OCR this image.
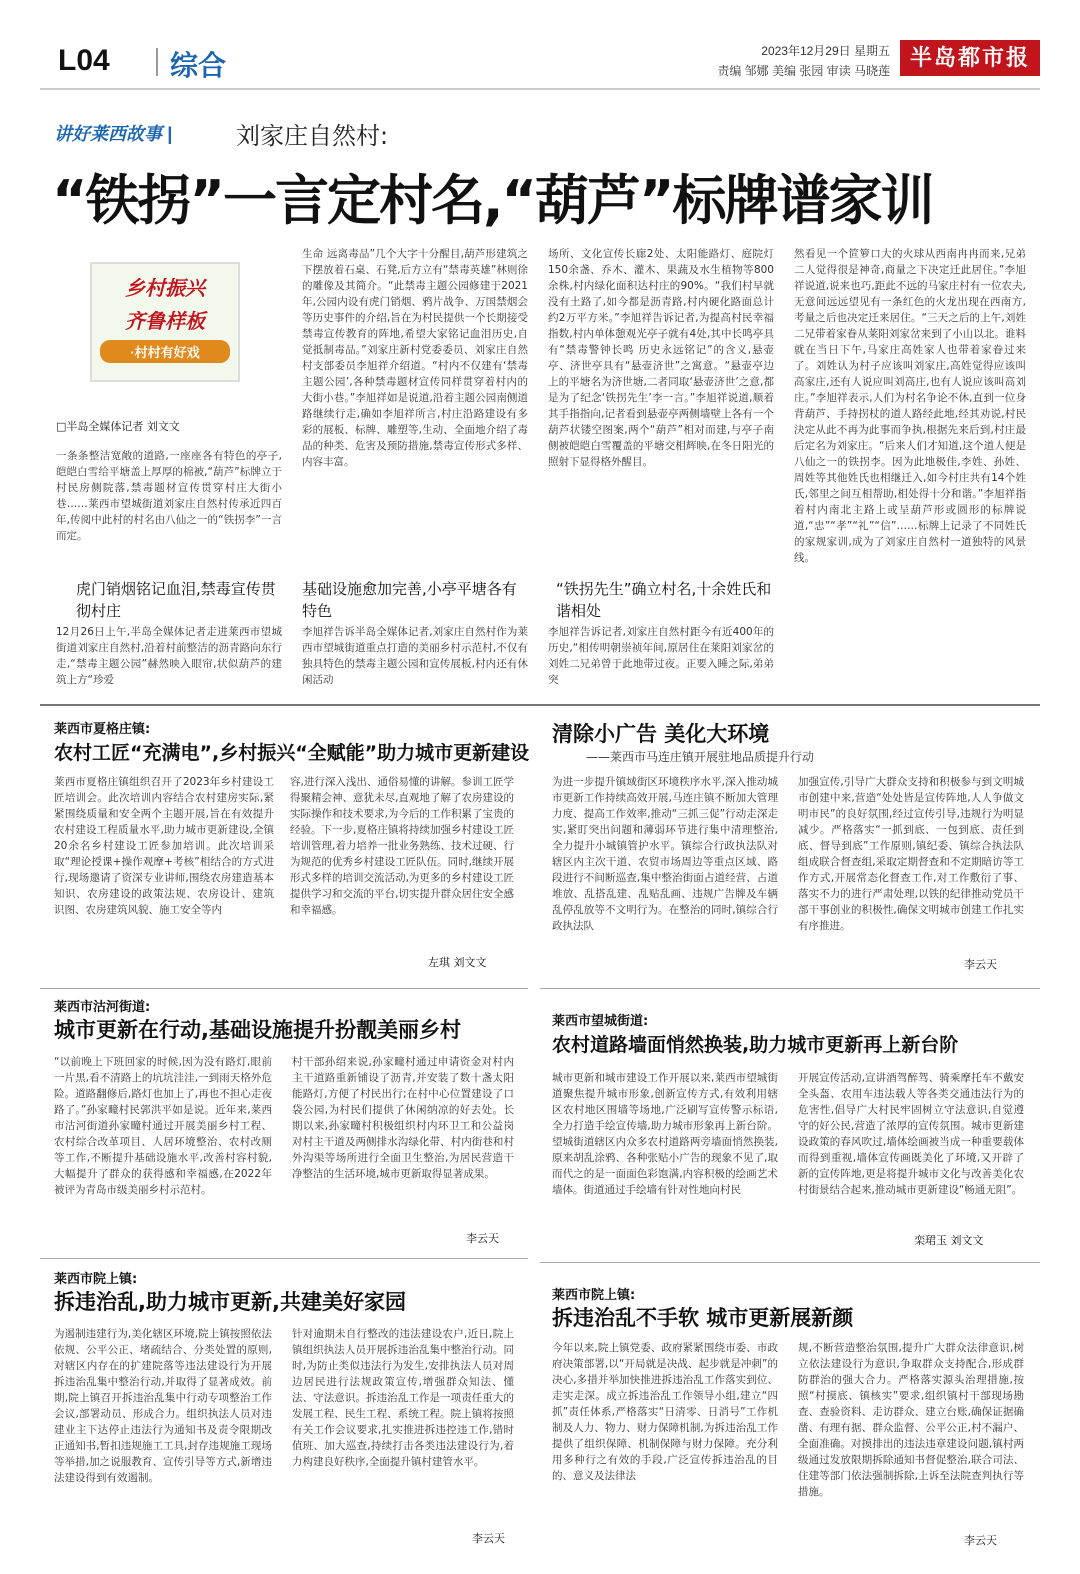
L04 综合	2023年12月29日 星期五
责编 邹娜 美编 张园 审读 马晓莲 半岛都市报
讲好莱西故事 |	刘家庄自然村:
“铁拐”一言定村名,“葫芦”标牌谱家训
乡村振兴
齐鲁样板
·村村有好戏
□半岛全媒体记者 刘文文
一条条整洁宽敞的道路,一座座各有特色的亭子,皑皑白雪给平塘盖上厚厚的棉被,“葫芦”标牌立于村民房侧院落,禁毒题材宣传贯穿村庄大街小巷……莱西市望城街道刘家庄自然村传承近四百年,传阅中此村的村名由八仙之一的“铁拐李”一言而定。
虎门销烟铭记血泪,禁毒宣传贯彻村庄
12月26日上午,半岛全媒体记者走进莱西市望城街道刘家庄自然村,沿着村前整洁的沥青路向东行走,“禁毒主题公园”赫然映入眼帘,状似葫芦的建筑上方“珍爱
生命 远离毒品”几个大字十分醒目,葫芦形建筑之下摆放着石桌、石凳,后方立有“禁毒英雄”林则徐的雕像及其简介。“此禁毒主题公园修建于2021年,公园内设有虎门销烟、鸦片战争、万国禁烟会等历史事件的介绍,旨在为村民提供一个长期接受禁毒宣传教育的阵地,希望大家铭记血泪历史,自觉抵制毒品。”刘家庄新村党委委员、刘家庄自然村支部委员李旭祥介绍道。“村内不仅建有‘禁毒主题公园’,各种禁毒题材宣传同样贯穿着村内的大街小巷。”李旭祥如是说道,沿着主题公园南侧道路继续行走,确如李旭祥所言,村庄沿路建设有多彩的展板、标牌、雕塑等,生动、全面地介绍了毒品的种类、危害及预防措施,禁毒宣传形式多样、内容丰富。
基础设施愈加完善,小亭平塘各有特色
李旭祥告诉半岛全媒体记者,刘家庄自然村作为莱西市望城街道重点打造的美丽乡村示范村,不仅有独具特色的禁毒主题公园和宣传展板,村内还有休闲活动
场所、文化宣传长廊2处、太阳能路灯、庭院灯150余盏、乔木、灌木、果蔬及水生植物等800余株,村内绿化面积达村庄的90%。“我们村早就没有土路了,如今都是沥青路,村内硬化路面总计约2万平方米。”李旭祥告诉记者,为提高村民幸福指数,村内单体憩观光亭子就有4处,其中长鸣亭具有“禁毒警钟长鸣 历史永远铭记”的含义,悬壶亭、济世亭具有“悬壶济世”之寓意。“悬壶亭边上的平塘名为济世塘,二者同取‘悬壶济世’之意,都是为了纪念‘铁拐先生’李一言。”李旭祥说道,顺着其手指指向,记者看到悬壶亭两侧墙壁上各有一个葫芦状镂空图案,两个“葫芦”相对而建,与亭子南侧被皑皑白雪覆盖的平塘交相辉映,在冬日阳光的照射下显得格外醒目。
“铁拐先生”确立村名,十余姓氏和谐相处
李旭祥告诉记者,刘家庄自然村距今有近400年的历史,“相传明朝崇祯年间,原居住在莱阳刘家岔的刘姓二兄弟曾于此地带过夜。正要入睡之际,弟弟突
然看见一个笸箩口大的火球从西南冉冉而来,兄弟二人觉得很是神奇,商量之下决定迁此居住。”李旭祥说道,说来也巧,距此不远的马家庄村有一位农夫,无意间远远望见有一条红色的火龙出现在西南方,考量之后也决定迁来居住。“三天之后的上午,刘姓二兄带着家眷从莱阳刘家岔来到了小山以北。谁料就在当日下午,马家庄高姓家人也带着家眷过来了。刘姓认为村子应该叫刘家庄,高姓觉得应该叫高家庄,还有人说应叫刘高庄,也有人说应该叫高刘庄。”李旭祥表示,人们为村名争论不休,直到一位身背葫芦、手持拐杖的道人路经此地,经其劝说,村民決定从此不再为此事而争执,根据先来后到,村庄最后定名为刘家庄。“后来人们才知道,这个道人便是八仙之一的铁拐李。因为此地极佳,李姓、孙姓、周姓等其他姓氏也相继迁入,如今村庄共有14个姓氏,邻里之间互相帮助,相处得十分和谐。”李旭祥指着村内南北主路上或呈葫芦形或圆形的标牌说道,“忠”“孝”“礼”“信”……标牌上记录了不同姓氏的家规家训,成为了刘家庄自然村一道独特的风景线。
莱西市夏格庄镇:
农村工匠“充满电”,乡村振兴“全赋能”助力城市更新建设
莱西市夏格庄镇组织召开了2023年乡村建设工匠培训会。此次培训内容结合农村建房实际,紧紧围绕质量和安全两个主题开展,旨在有效提升农村建设工程质量水平,助力城市更新建设,全镇20余名乡村建设工匠参加培训。此次培训采取“理论授课+操作观摩+考核”相结合的方式进行,现场邀请了资深专业讲师,围绕农房建造基本知识、农房建设的政策法规、农房设计、建筑识图、农房建筑风貌、施工安全等内
容,进行深入浅出、通俗易懂的讲解。参训工匠学得聚精会神、意犹未尽,直观地了解了农房建设的实际操作和技术要求,为今后的工作积累了宝贵的经验。下一步,夏格庄镇将持续加强乡村建设工匠培训管理,着力培养一批业务熟练、技术过硬、行为规范的优秀乡村建设工匠队伍。同时,继续开展形式多样的培训交流活动,为更多的乡村建设工匠提供学习和交流的平台,切实提升群众居住安全感和幸福感。
左琪 刘文文
清除小广告 美化大环境
——莱西市马连庄镇开展驻地品质提升行动
为进一步提升镇域街区环境秩序水平,深入推动城市更新工作持续高效开展,马连庄镇不断加大管理力度、提高工作效率,推动“三抓三促”行动走深走实,紧盯突出问题和薄弱环节进行集中清理整治,全力提升小城镇管护水平。镇综合行政执法队对辖区内主次干道、农贸市场周边等重点区域、路段进行不间断巡查,集中整治街面占道经营、占道堆放、乱搭乱建、乱贴乱画、违规广告牌及车辆乱停乱放等不文明行为。在整治的同时,镇综合行政执法队
加强宣传,引导广大群众支持和积极参与到文明城市创建中来,营造“处处皆是宣传阵地,人人争做文明市民”的良好氛围,经过宣传引导,违规行为明显减少。严格落实“一抓到底、一包到底、责任到底、督导到底”工作原则,镇纪委、镇综合执法队组成联合督查组,采取定期督查和不定期暗访等工作方式,开展常态化督查工作,对工作敷衍了事、落实不力的进行严肃处理,以铁的纪律推动党员干部干事创业的积极性,确保文明城市创建工作扎实有序推进。
李云天
莱西市沽河街道:
城市更新在行动,基础设施提升扮靓美丽乡村
“以前晚上下班回家的时候,因为没有路灯,眼前一片黑,看不清路上的坑坑洼洼,一到雨天格外危险。道路翻修后,路灯也加上了,再也不担心走夜路了。”孙家疃村民郭洪平如是说。近年来,莱西市沽河街道孙家疃村通过开展美丽乡村工程、农村综合改革项目、人居环境整治、农村改厕等工作,不断提升基础设施水平,改善村容村貌,大幅提升了群众的获得感和幸福感,在2022年被评为青岛市级美丽乡村示范村。
村干部孙绍来说,孙家疃村通过申请资金对村内主干道路重新铺设了沥青,并安装了数十盏太阳能路灯,方便了村民出行;在村中心位置建设了口袋公园,为村民们提供了休闲纳凉的好去处。长期以来,孙家疃村积极组织村内环卫工和公益岗对村主干道及两侧排水沟绿化带、村内街巷和村外沟渠等场所进行全面卫生整治,为居民营造干净整洁的生活环境,城市更新取得显著成果。
李云天
莱西市望城街道:
农村道路墙面悄然换装,助力城市更新再上新台阶
城市更新和城市建设工作开展以来,莱西市望城街道聚焦提升城市形象,创新宣传方式,有效利用辖区农村地区围墙等场地,广泛刷写宣传警示标语,全力打造手绘宣传墙,助力城市形象再上新台阶。望城街道辖区内众多农村道路两旁墙面悄然换装,原来胡乱涂鸦、各种张贴小广告的现象不见了,取而代之的是一面面色彩饱满,内容积极的绘画艺术墙体。街道通过手绘墙有针对性地向村民
开展宣传活动,宣讲酒驾醉驾、骑乘摩托车不戴安全头盔、农用车违法载人等各类交通违法行为的危害性,倡导广大村民牢固树立守法意识,自觉遵守的好公民,营造了浓厚的宣传氛围。城市更新建设政策的春风吹过,墙体绘画被当成一种重要载体而得到重视,墙体宣传画既美化了环境,又开辟了新的宣传阵地,更是将提升城市文化与改善美化农村街景结合起来,推动城市更新建设“畅通无阻”。
栾珺玉 刘文文
莱西市院上镇:
拆违治乱,助力城市更新,共建美好家园
为遏制违建行为,美化辖区环境,院上镇按照依法依规、公平公正、堵疏结合、分类处置的原则,对辖区内存在的扩建院落等违法建设行为开展拆违治乱集中整治行动,并取得了显著成效。前期,院上镇召开拆违治乱集中行动专项整治工作会议,部署动员、形成合力。组织执法人员对违建业主下达停止违法行为通知书及责令限期改正通知书,暂扣违规施工工具,封存违规施工现场等举措,加之说服教育、宣传引导等方式,新增违法建设得到有效遏制。
针对逾期未自行整改的违法建设农户,近日,院上镇组织执法人员开展拆违治乱集中整治行动。同时,为防止类似违法行为发生,安排执法人员对周边居民进行法规政策宣传,增强群众知法、懂法、守法意识。拆违治乱工作是一项责任重大的发展工程、民生工程、系统工程。院上镇将按照有关工作会议要求,扎实推进拆违控违工作,错时值班、加大巡查,持续打击各类违法建设行为,着力构建良好秩序,全面提升镇村建管水平。
李云天
莱西市院上镇:
拆违治乱不手软 城市更新展新颜
今年以来,院上镇党委、政府紧紧围绕市委、市政府决策部署,以“开局就是决战、起步就是冲刺”的决心,多措并举加快推进拆违治乱工作落实到位、走实走深。成立拆违治乱工作领导小组,建立“四抓”责任体系,严格落实“日清零、日消号”工作机制及人力、物力、财力保障机制,为拆违治乱工作提供了组织保障、机制保障与财力保障。充分利用多种行之有效的手段,广泛宣传拆违治乱的目的、意义及法律法
规,不断营造整治氛围,提升广大群众法律意识,树立依法建设行为意识,争取群众支持配合,形成群防群治的强大合力。严格落实源头治理措施,按照“村摸底、镇核实”要求,组织镇村干部现场勘查、查验资料、走访群众、建立台账,确保证据确凿、有理有据、群众监督、公平公正,村不漏户、全面准确。对摸排出的违法违章建设问题,镇村两级通过发放限期拆除通知书督促整治,联合司法、住建等部门依法强制拆除,上诉至法院查判执行等措施。
李云天
